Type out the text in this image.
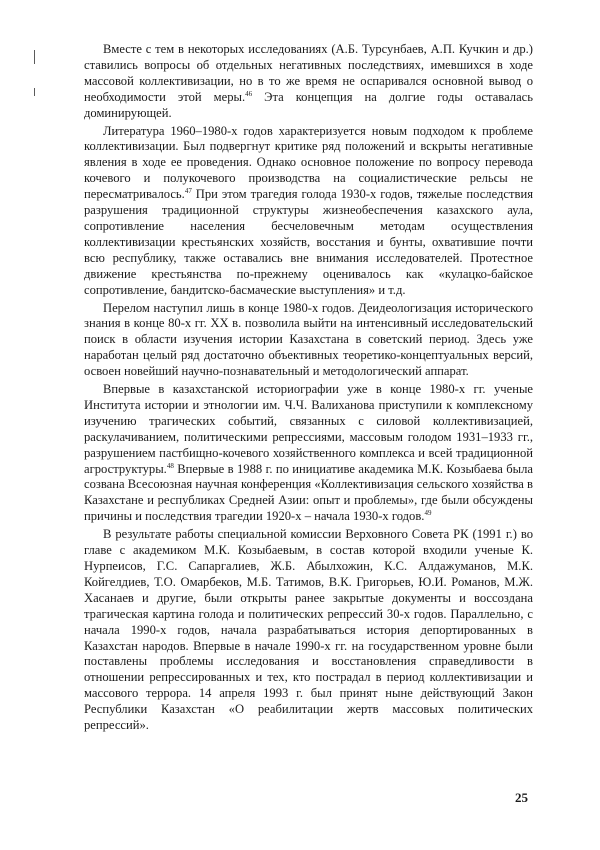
Вместе с тем в некоторых исследованиях (А.Б. Турсунбаев, А.П. Кучкин и др.) ставились вопросы об отдельных негативных последствиях, имевшихся в ходе массовой коллективизации, но в то же время не оспаривался основной вывод о необходимости этой меры.$^{46}$ Эта концепция на долгие годы оставалась доминирующей.

Литература 1960–1980-х годов характеризуется новым подходом к проблеме коллективизации. Был подвергнут критике ряд положений и вскрыты негативные явления в ходе ее проведения. Однако основное положение по вопросу перевода кочевого и полукочевого производства на социалистические рельсы не пересматривалось.$^{47}$ При этом трагедия голода 1930-х годов, тяжелые последствия разрушения традиционной структуры жизнеобеспечения казахского аула, сопротивление населения бесчеловечным методам осуществления коллективизации крестьянских хозяйств, восстания и бунты, охватившие почти всю республику, также оставались вне внимания исследователей. Протестное движение крестьянства по-прежнему оценивалось как «кулацко-байское сопротивление, бандитско-басмаческие выступления» и т.д.

Перелом наступил лишь в конце 1980-х годов. Деидеологизация исторического знания в конце 80-х гг. XX в. позволила выйти на интенсивный исследовательский поиск в области изучения истории Казахстана в советский период. Здесь уже наработан целый ряд достаточно объективных теоретико-концептуальных версий, освоен новейший научно-познавательный и методологический аппарат.

Впервые в казахстанской историографии уже в конце 1980-х гг. ученые Института истории и этнологии им. Ч.Ч. Валиханова приступили к комплексному изучению трагических событий, связанных с силовой коллективизацией, раскулачиванием, политическими репрессиями, массовым голодом 1931–1933 гг., разрушением пастбищно-кочевого хозяйственного комплекса и всей традиционной агроструктуры.$^{48}$ Впервые в 1988 г. по инициативе академика М.К. Козыбаева была созвана Всесоюзная научная конференция «Коллективизация сельского хозяйства в Казахстане и республиках Средней Азии: опыт и проблемы», где были обсуждены причины и последствия трагедии 1920-х – начала 1930-х годов.$^{49}$

В результате работы специальной комиссии Верховного Совета РК (1991 г.) во главе с академиком М.К. Козыбаевым, в состав которой входили ученые К. Нурпеисов, Г.С. Сапаргалиев, Ж.Б. Абылхожин, К.С. Алдажуманов, М.К. Койгелдиев, Т.О. Омарбеков, М.Б. Татимов, В.К. Григорьев, Ю.И. Романов, М.Ж. Хасанаев и другие, были открыты ранее закрытые документы и воссоздана трагическая картина голода и политических репрессий 30-х годов. Параллельно, с начала 1990-х годов, начала разрабатываться история депортированных в Казахстан народов. Впервые в начале 1990-х гг. на государственном уровне были поставлены проблемы исследования и восстановления справедливости в отношении репрессированных и тех, кто пострадал в период коллективизации и массового террора. 14 апреля 1993 г. был принят ныне действующий Закон Республики Казахстан «О реабилитации жертв массовых политических репрессий».

25
